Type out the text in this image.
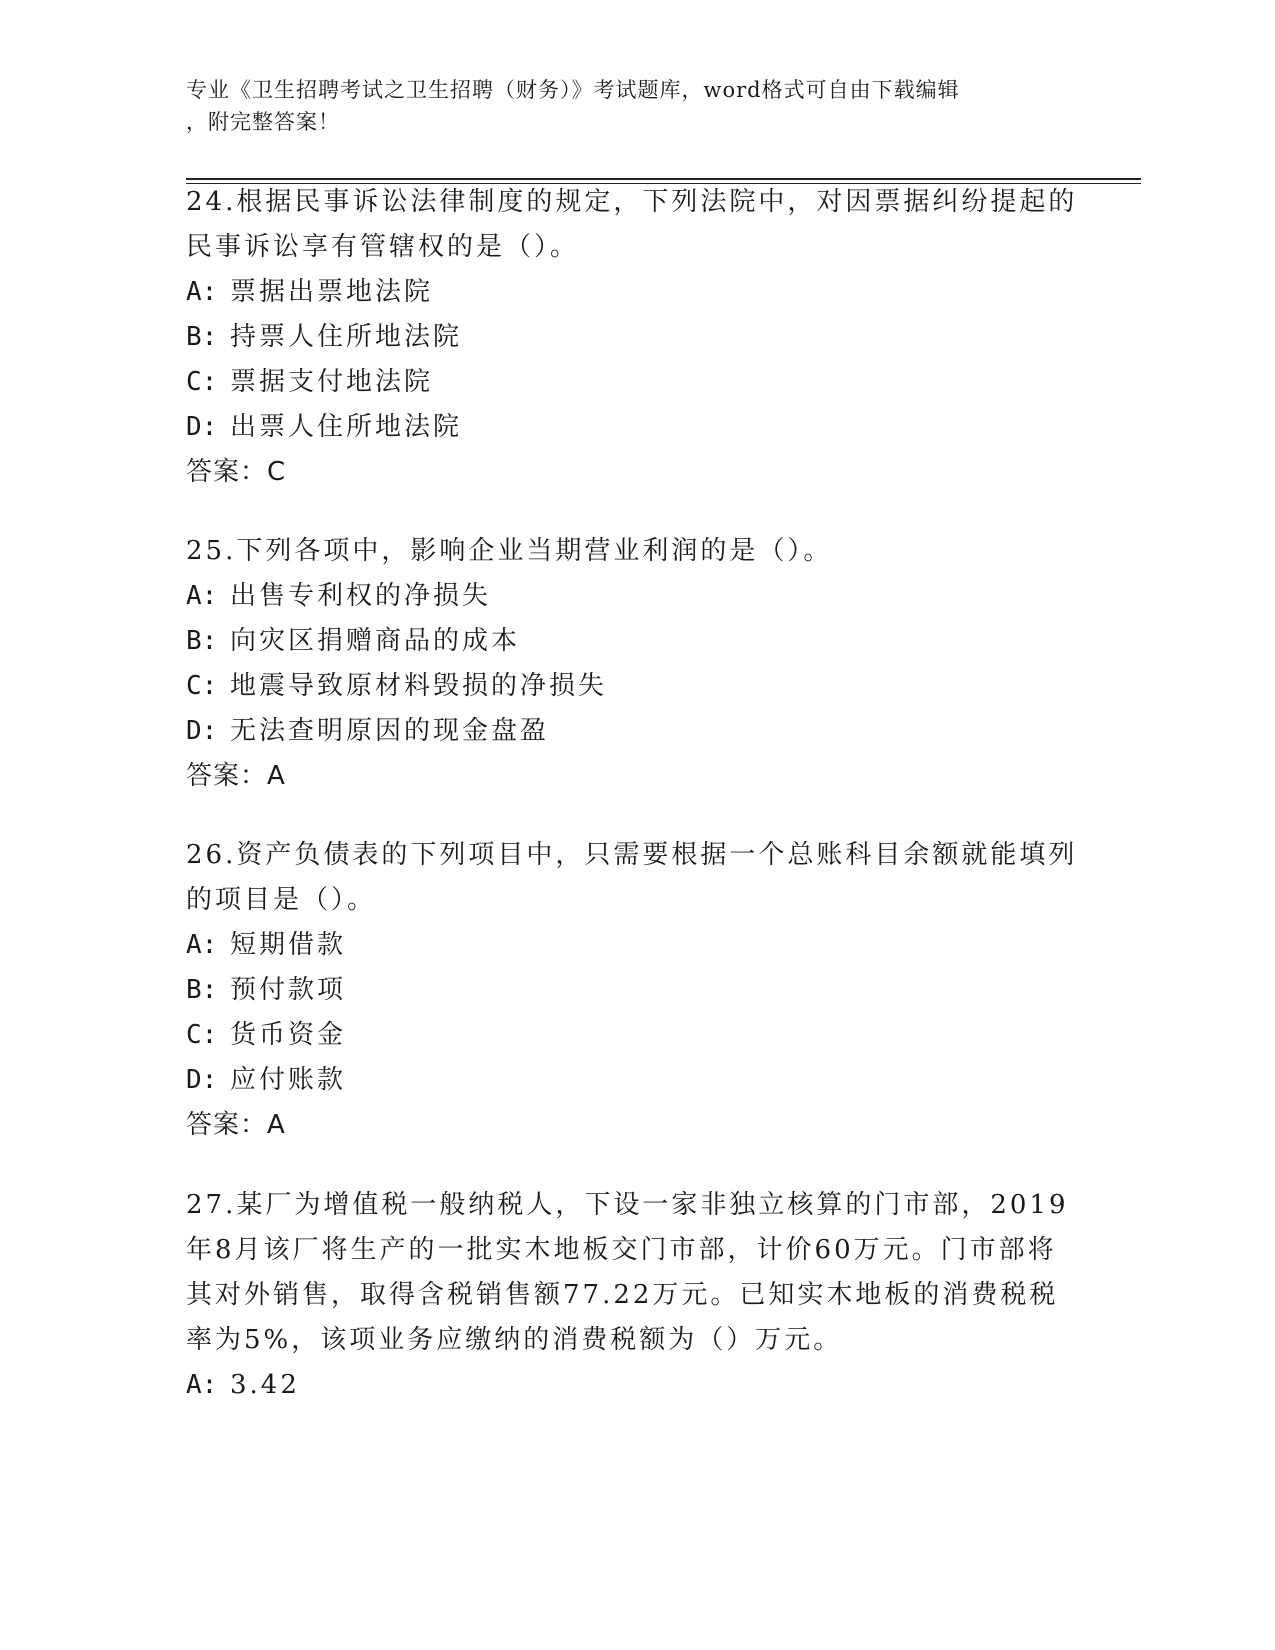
专业《卫生招聘考试之卫生招聘（财务）》考试题库，word格式可自由下载编辑
，附完整答案！
24.根据民事诉讼法律制度的规定，下列法院中，对因票据纠纷提起的
民事诉讼享有管辖权的是（）。
A: 票据出票地法院
B: 持票人住所地法院
C: 票据支付地法院
D: 出票人住所地法院
答案：C
25.下列各项中，影响企业当期营业利润的是（）。
A: 出售专利权的净损失
B: 向灾区捐赠商品的成本
C: 地震导致原材料毁损的净损失
D: 无法查明原因的现金盘盈
答案：A
26.资产负债表的下列项目中，只需要根据一个总账科目余额就能填列
的项目是（）。
A: 短期借款
B: 预付款项
C: 货币资金
D: 应付账款
答案：A
27.某厂为增值税一般纳税人，下设一家非独立核算的门市部，2019
年8月该厂将生产的一批实木地板交门市部，计价60万元。门市部将
其对外销售，取得含税销售额77.22万元。已知实木地板的消费税税
率为5%，该项业务应缴纳的消费税额为（）万元。
A: 3.42
